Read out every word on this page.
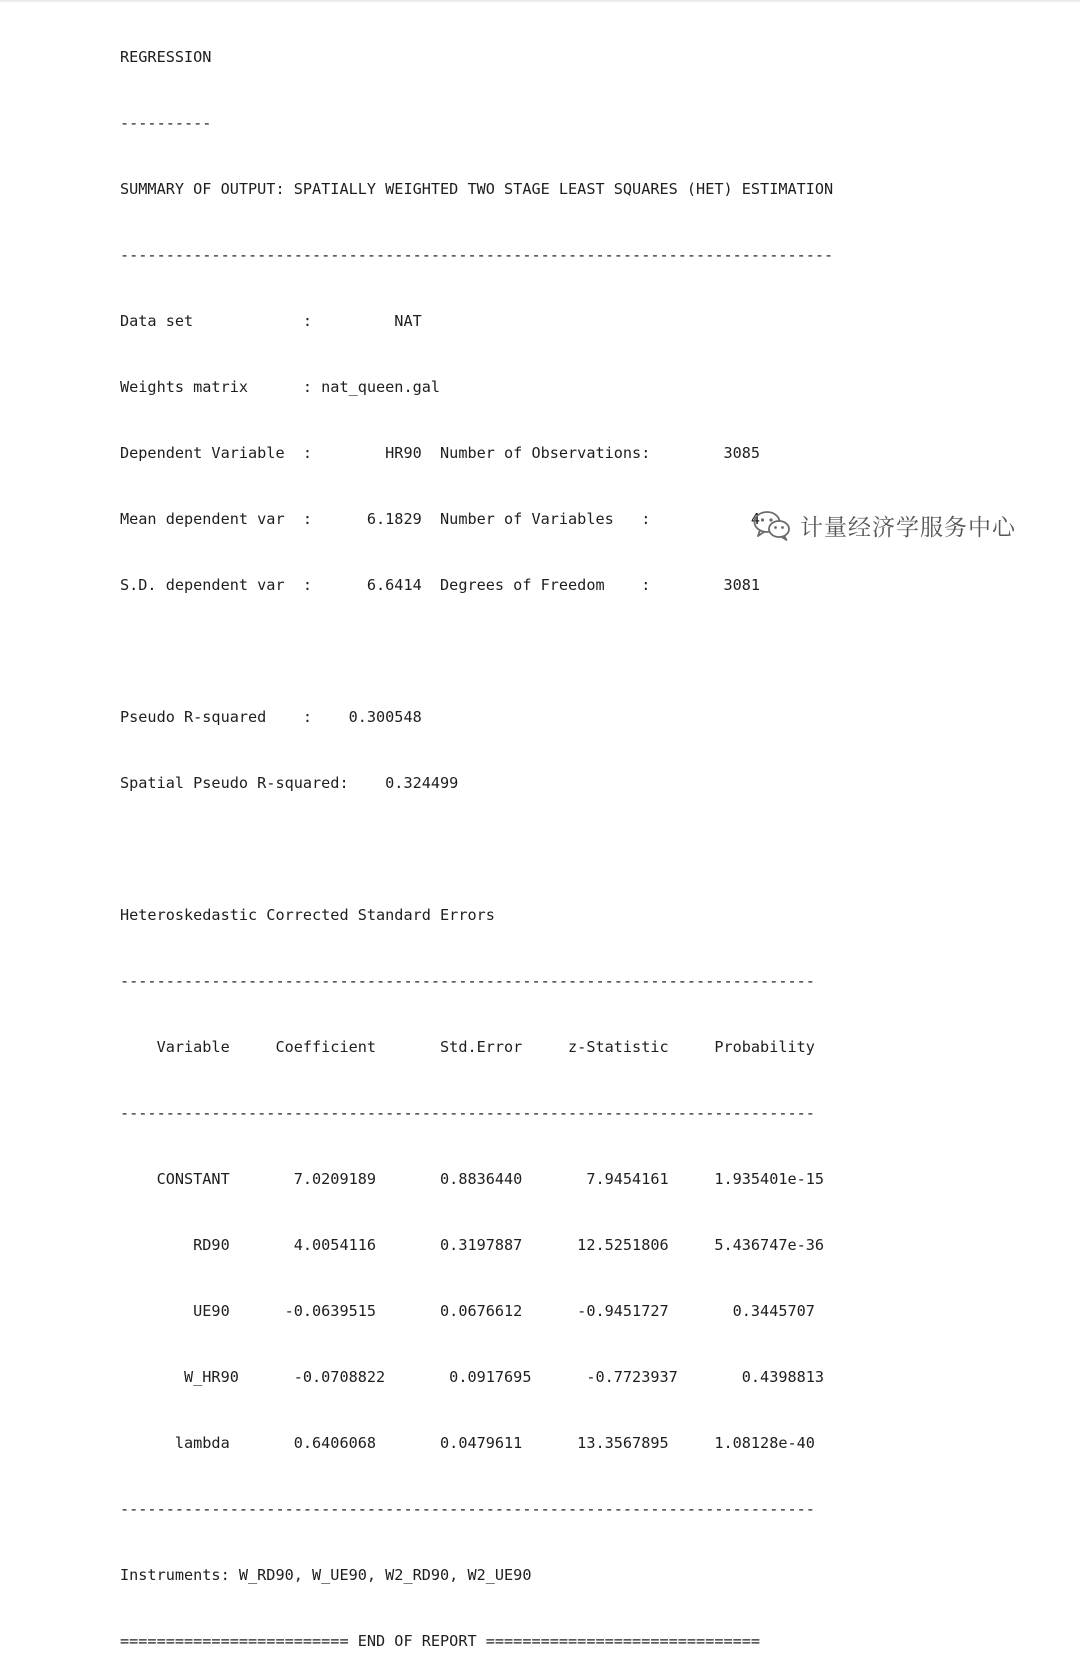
REGRESSION

----------

SUMMARY OF OUTPUT: SPATIALLY WEIGHTED TWO STAGE LEAST SQUARES (HET) ESTIMATION

------------------------------------------------------------------------------

Data set            :         NAT

Weights matrix      : nat_queen.gal

Dependent Variable  :        HR90  Number of Observations:        3085

Mean dependent var  :      6.1829  Number of Variables   :           4

S.D. dependent var  :      6.6414  Degrees of Freedom    :        3081

Pseudo R-squared    :    0.300548

Spatial Pseudo R-squared:    0.324499

Heteroskedastic Corrected Standard Errors

----------------------------------------------------------------------------

Variable     Coefficient       Std.Error     z-Statistic     Probability

----------------------------------------------------------------------------

CONSTANT       7.0209189       0.8836440       7.9454161     1.935401e-15

RD90       4.0054116       0.3197887      12.5251806     5.436747e-36

UE90      -0.0639515       0.0676612      -0.9451727       0.3445707

W_HR90      -0.0708822       0.0917695      -0.7723937       0.4398813

lambda       0.6406068       0.0479611      13.3567895     1.08128e-40

----------------------------------------------------------------------------

Instruments: W_RD90, W_UE90, W2_RD90, W2_UE90

========================= END OF REPORT ==============================

计量经济学服务中心
